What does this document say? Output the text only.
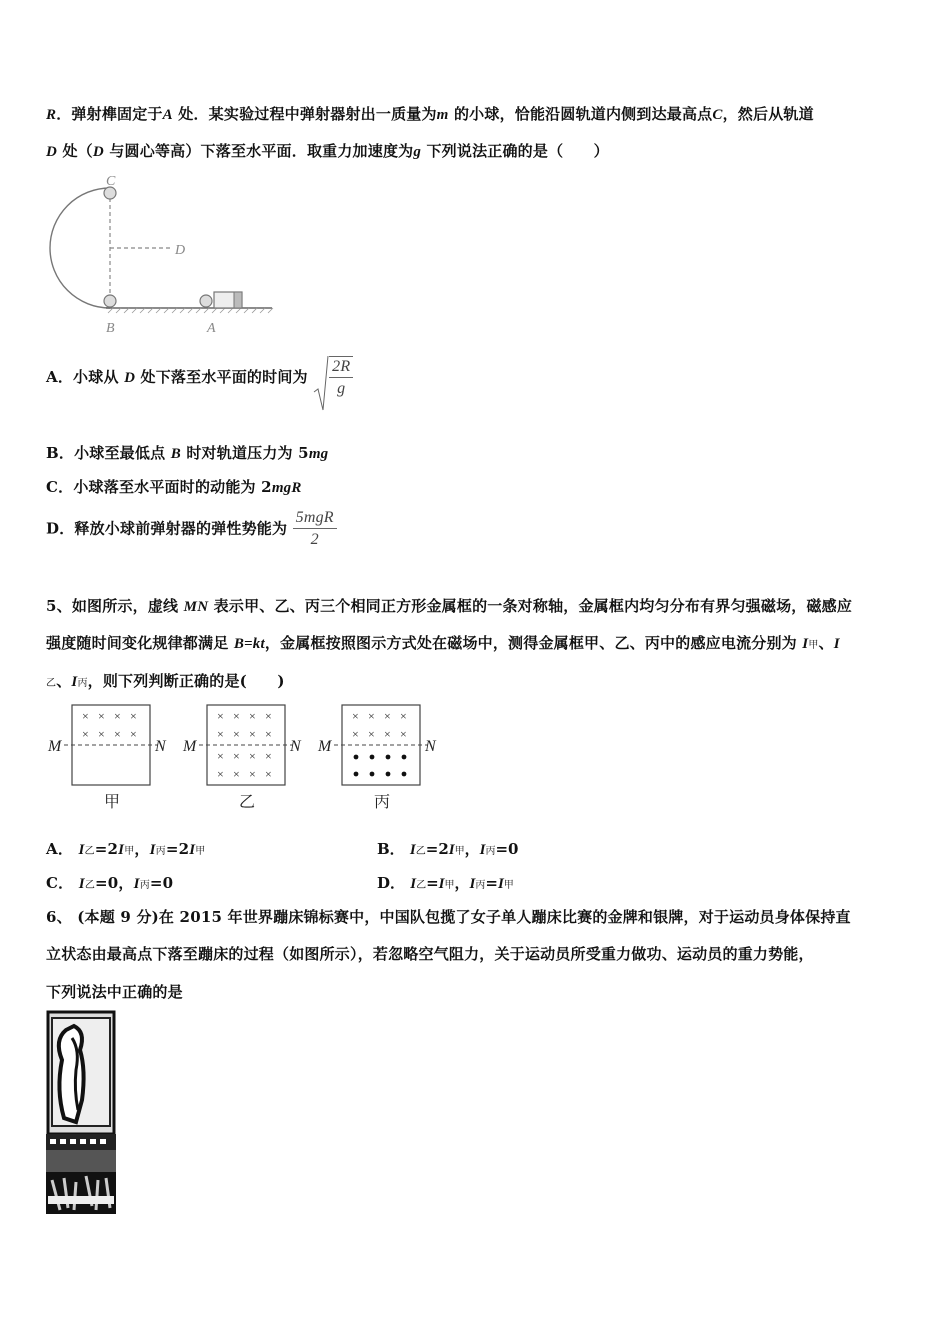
R．弹射榫固定于A 处．某实验过程中弹射器射出一质量为m 的小球，恰能沿圆轨道内侧到达最高点C，然后从轨道
D 处（D 与圆心等高）下落至水平面．取重力加速度为g 下列说法正确的是（　　）
C
D
B	A
A．小球从 D 处下落至水平面的时间为 $\frac{2R}{g}$
B．小球至最低点 B 时对轨道压力为 5mg
C．小球落至水平面时的动能为 2mgR
D．释放小球前弹射器的弹性势能为 $\frac{\text{5mgR}}{2}$
5、如图所示，虚线 MN 表示甲、乙、丙三个相同正方形金属框的一条对称轴，金属框内均匀分布有界匀强磁场，磁感应
强度随时间变化规律都满足 B=kt，金属框按照图示方式处在磁场中，测得金属框甲、乙、丙中的感应电流分别为 I甲、I
乙、I丙，则下列判断正确的是(　　)
× × × ×
× × × ×
M	N
甲
× × × ×
× × × ×
× × × ×
× × × ×
M	N
乙
× × × ×
× × × ×
M	N
丙
A． I乙=2I甲，I丙=2I甲	B． I乙=2I甲，I丙=0
C． I乙=0，I丙=0	D． I乙=I甲，I丙=I甲
6、 (本题 9 分)在 2015 年世界蹦床锦标赛中，中国队包揽了女子单人蹦床比赛的金牌和银牌，对于运动员身体保持直
立状态由最高点下落至蹦床的过程（如图所示），若忽略空气阻力，关于运动员所受重力做功、运动员的重力势能，
下列说法中正确的是
